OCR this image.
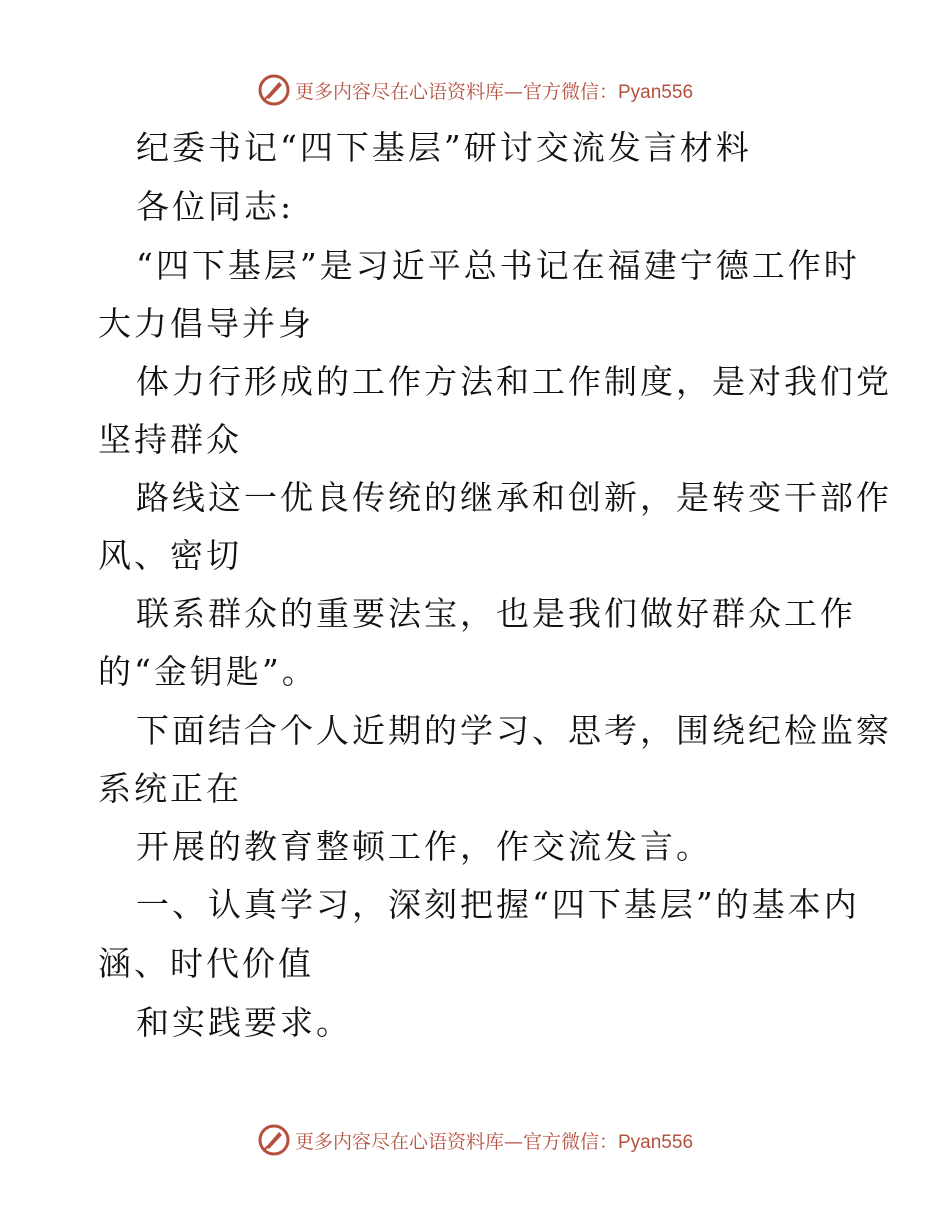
更多内容尽在心语资料库—官方微信：Pyan556
纪委书记“四下基层”研讨交流发言材料
各位同志:
“四下基层”是习近平总书记在福建宁德工作时
大力倡导并身
体力行形成的工作方法和工作制度，是对我们党
坚持群众
路线这一优良传统的继承和创新，是转变干部作
风、密切
联系群众的重要法宝，也是我们做好群众工作
的“金钥匙”。
下面结合个人近期的学习、思考，围绕纪检监察
系统正在
开展的教育整顿工作，作交流发言。
一、认真学习，深刻把握“四下基层”的基本内
涵、时代价值
和实践要求。
更多内容尽在心语资料库—官方微信：Pyan556
